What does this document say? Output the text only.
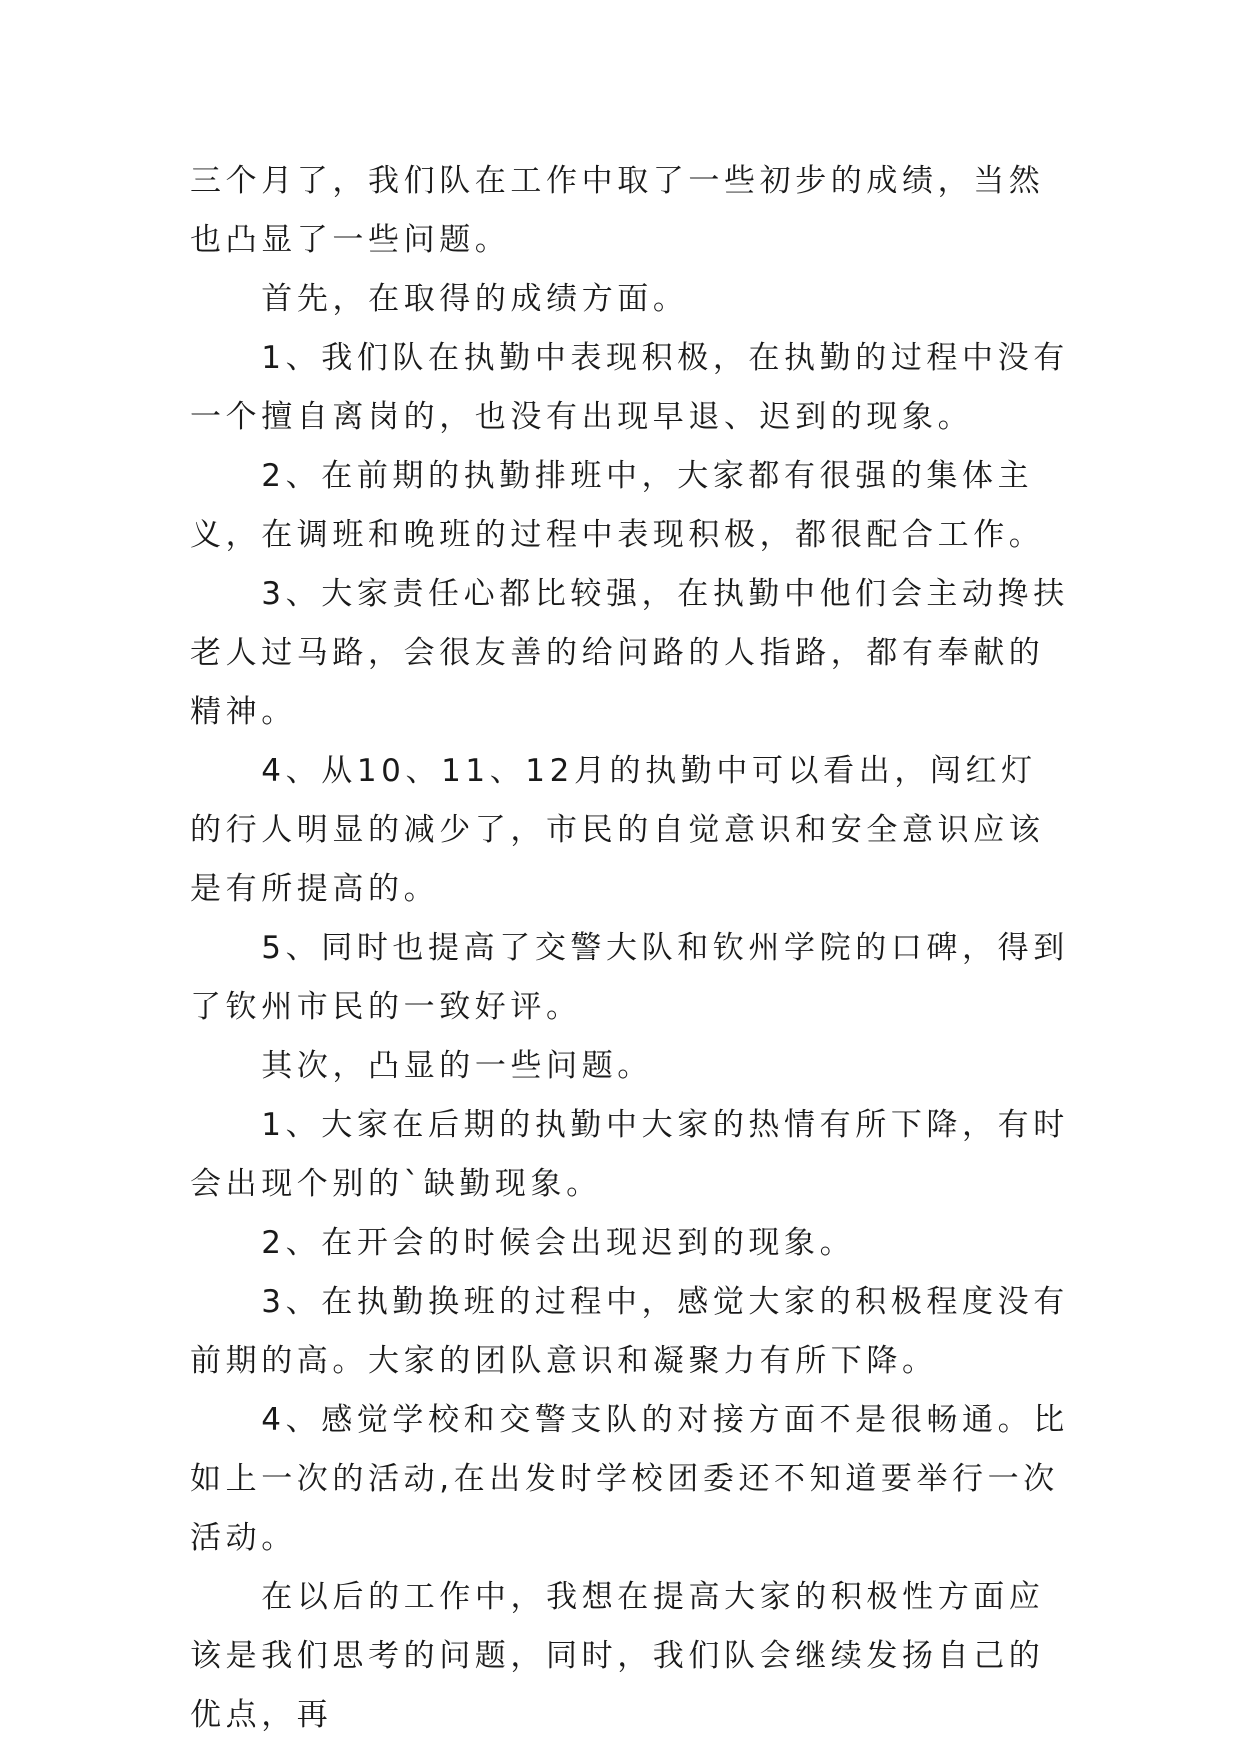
三个月了，我们队在工作中取了一些初步的成绩，当然也凸显了一些问题。

首先，在取得的成绩方面。

1、我们队在执勤中表现积极，在执勤的过程中没有一个擅自离岗的，也没有出现早退、迟到的现象。

2、在前期的执勤排班中，大家都有很强的集体主义，在调班和晚班的过程中表现积极，都很配合工作。

3、大家责任心都比较强，在执勤中他们会主动搀扶老人过马路，会很友善的给问路的人指路，都有奉献的精神。

4、从10、11、12月的执勤中可以看出，闯红灯的行人明显的减少了，市民的自觉意识和安全意识应该是有所提高的。

5、同时也提高了交警大队和钦州学院的口碑，得到了钦州市民的一致好评。

其次，凸显的一些问题。

1、大家在后期的执勤中大家的热情有所下降，有时会出现个别的`缺勤现象。

2、在开会的时候会出现迟到的现象。

3、在执勤换班的过程中，感觉大家的积极程度没有前期的高。大家的团队意识和凝聚力有所下降。

4、感觉学校和交警支队的对接方面不是很畅通。比如上一次的活动,在出发时学校团委还不知道要举行一次活动。

在以后的工作中，我想在提高大家的积极性方面应该是我们思考的问题，同时，我们队会继续发扬自己的优点，再
